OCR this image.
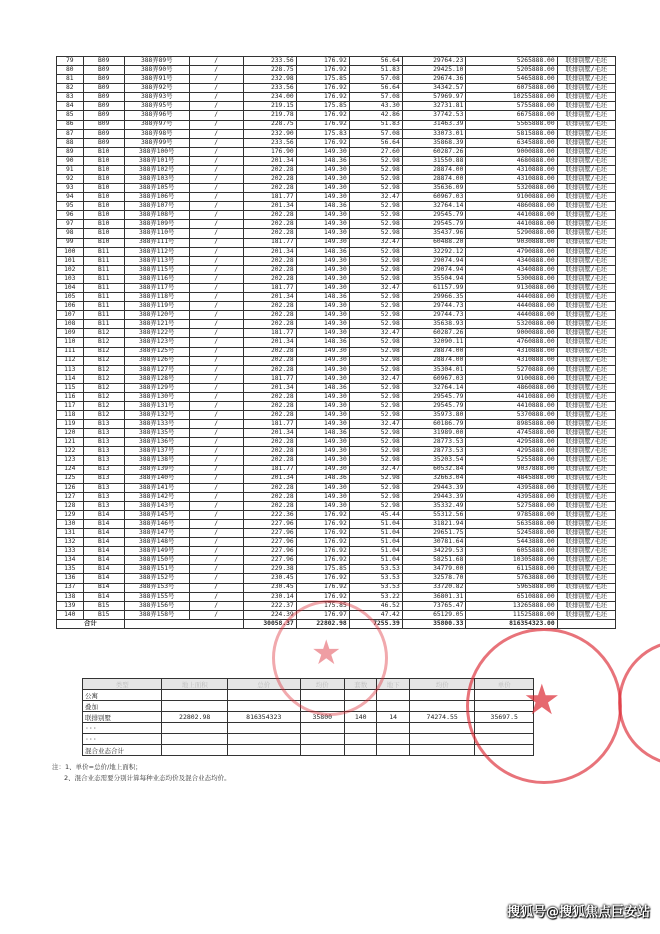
79	B09	388弄89号	/	233.56	176.92	56.64	29764.23	5265888.00	联排别墅/毛坯
80	B09	388弄90号	/	228.75	176.92	51.83	29425.10	5205888.00	联排别墅/毛坯
81	B09	388弄91号	/	232.98	175.85	57.08	29674.36	5465888.00	联排别墅/毛坯
82	B09	388弄92号	/	233.56	176.92	56.64	34342.57	6075888.00	联排别墅/毛坯
83	B09	388弄93号	/	234.00	176.92	57.08	57969.97	10255888.00	联排别墅/毛坯
84	B09	388弄95号	/	219.15	175.85	43.30	32731.81	5755888.00	联排别墅/毛坯
85	B09	388弄96号	/	219.78	176.92	42.86	37742.53	6675888.00	联排别墅/毛坯
86	B09	388弄97号	/	228.75	176.92	51.83	31463.39	5565888.00	联排别墅/毛坯
87	B09	388弄98号	/	232.90	175.83	57.08	33073.01	5815888.00	联排别墅/毛坯
88	B09	388弄99号	/	233.56	176.92	56.64	35868.39	6345888.00	联排别墅/毛坯
89	B10	388弄100号	/	176.90	149.30	27.60	60287.26	9000888.00	联排别墅/毛坯
90	B10	388弄101号	/	201.34	148.36	52.98	31550.88	4680888.00	联排别墅/毛坯
91	B10	388弄102号	/	202.28	149.30	52.98	28874.00	4310888.00	联排别墅/毛坯
92	B10	388弄103号	/	202.28	149.30	52.98	28874.00	4310888.00	联排别墅/毛坯
93	B10	388弄105号	/	202.28	149.30	52.98	35636.09	5320888.00	联排别墅/毛坯
94	B10	388弄106号	/	181.77	149.30	32.47	60967.03	9100888.00	联排别墅/毛坯
95	B10	388弄107号	/	201.34	148.36	52.98	32764.14	4860888.00	联排别墅/毛坯
96	B10	388弄108号	/	202.28	149.30	52.98	29545.79	4410888.00	联排别墅/毛坯
97	B10	388弄109号	/	202.28	149.30	52.98	29545.79	4410888.00	联排别墅/毛坯
98	B10	388弄110号	/	202.28	149.30	52.98	35437.96	5290888.00	联排别墅/毛坯
99	B10	388弄111号	/	181.77	149.30	32.47	60488.20	9030888.00	联排别墅/毛坯
100	B11	388弄112号	/	201.34	148.36	52.98	32292.12	4790888.00	联排别墅/毛坯
101	B11	388弄113号	/	202.28	149.30	52.98	29074.94	4340888.00	联排别墅/毛坯
102	B11	388弄115号	/	202.28	149.30	52.98	29074.94	4340888.00	联排别墅/毛坯
103	B11	388弄116号	/	202.28	149.30	52.98	35504.94	5300888.00	联排别墅/毛坯
104	B11	388弄117号	/	181.77	149.30	32.47	61157.99	9130888.00	联排别墅/毛坯
105	B11	388弄118号	/	201.34	148.36	52.98	29966.35	4440888.00	联排别墅/毛坯
106	B11	388弄119号	/	202.28	149.30	52.98	29744.73	4440888.00	联排别墅/毛坯
107	B11	388弄120号	/	202.28	149.30	52.98	29744.73	4440888.00	联排别墅/毛坯
108	B11	388弄121号	/	202.28	149.30	52.98	35638.93	5320888.00	联排别墅/毛坯
109	B12	388弄122号	/	181.77	149.30	32.47	60287.26	9000888.00	联排别墅/毛坯
110	B12	388弄123号	/	201.34	148.36	52.98	32090.11	4760888.00	联排别墅/毛坯
111	B12	388弄125号	/	202.28	149.30	52.98	28874.00	4310888.00	联排别墅/毛坯
112	B12	388弄126号	/	202.28	149.30	52.98	28874.00	4310888.00	联排别墅/毛坯
113	B12	388弄127号	/	202.28	149.30	52.98	35304.01	5270888.00	联排别墅/毛坯
114	B12	388弄128号	/	181.77	149.30	32.47	60967.03	9100888.00	联排别墅/毛坯
115	B12	388弄129号	/	201.34	148.36	52.98	32764.14	4860888.00	联排别墅/毛坯
116	B12	388弄130号	/	202.28	149.30	52.98	29545.79	4410888.00	联排别墅/毛坯
117	B12	388弄131号	/	202.28	149.30	52.98	29545.79	4410888.00	联排别墅/毛坯
118	B12	388弄132号	/	202.28	149.30	52.98	35973.80	5370888.00	联排别墅/毛坯
119	B13	388弄133号	/	181.77	149.30	32.47	60186.79	8985888.00	联排别墅/毛坯
120	B13	388弄135号	/	201.34	148.36	52.98	31989.00	4745888.00	联排别墅/毛坯
121	B13	388弄136号	/	202.28	149.30	52.98	28773.53	4295888.00	联排别墅/毛坯
122	B13	388弄137号	/	202.28	149.30	52.98	28773.53	4295888.00	联排别墅/毛坯
123	B13	388弄138号	/	202.28	149.30	52.98	35203.54	5255888.00	联排别墅/毛坯
124	B13	388弄139号	/	181.77	149.30	32.47	60532.84	9037888.00	联排别墅/毛坯
125	B13	388弄140号	/	201.34	148.36	52.98	32663.04	4845888.00	联排别墅/毛坯
126	B13	388弄141号	/	202.28	149.30	52.98	29443.39	4395888.00	联排别墅/毛坯
127	B13	388弄142号	/	202.28	149.30	52.98	29443.39	4395888.00	联排别墅/毛坯
128	B13	388弄143号	/	202.28	149.30	52.98	35332.49	5275888.00	联排别墅/毛坯
129	B14	388弄145号	/	222.36	176.92	45.44	55312.56	9785888.00	联排别墅/毛坯
130	B14	388弄146号	/	227.96	176.92	51.04	31821.94	5635888.00	联排别墅/毛坯
131	B14	388弄147号	/	227.96	176.92	51.04	29651.75	5245888.00	联排别墅/毛坯
132	B14	388弄148号	/	227.96	176.92	51.04	30781.64	5443888.00	联排别墅/毛坯
133	B14	388弄149号	/	227.96	176.92	51.04	34229.53	6055888.00	联排别墅/毛坯
134	B14	388弄150号	/	227.96	176.92	51.04	58251.68	10305888.00	联排别墅/毛坯
135	B14	388弄151号	/	229.38	175.85	53.53	34779.00	6115888.00	联排别墅/毛坯
136	B14	388弄152号	/	230.45	176.92	53.53	32578.70	5763888.00	联排别墅/毛坯
137	B14	388弄153号	/	230.45	176.92	53.53	33720.82	5965888.00	联排别墅/毛坯
138	B14	388弄155号	/	230.14	176.92	53.22	36801.31	6510888.00	联排别墅/毛坯
139	B15	388弄156号	/	222.37	175.85	46.52	73765.47	13265888.00	联排别墅/毛坯
140	B15	388弄158号	/	224.39	176.97	47.42	65129.05	11525888.00	联排别墅/毛坯
合计				30058.37	22802.98	7255.39	35800.33	816354323.00	
类型	地上面积	总价	均价	套数	地下	均价	单价
公寓							
叠加							
联排别墅	22802.98	816354323	35800	140	14	74274.55	35697.5
···							
···							
混合业态合计							
注：1、单价=总价/地上面积；
2、混合业态需要分别计算每种业态均价及混合业态均价。
★
★
搜狐号@搜狐焦点巨安站
